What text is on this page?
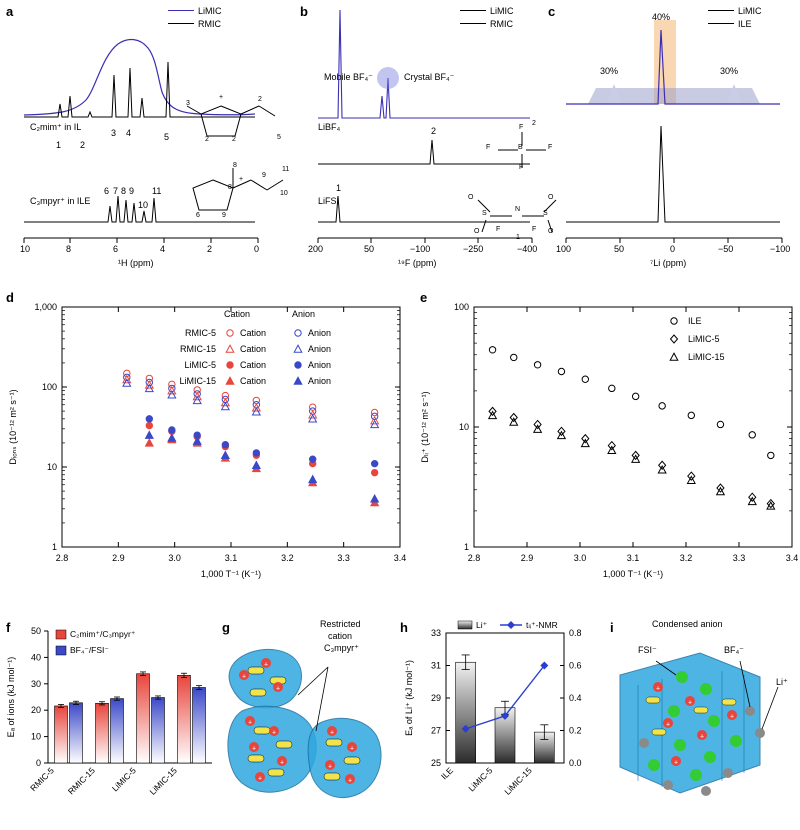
a	b	c
d	e
f	g	h	i
10	8	6	4	2	0
¹H (ppm)
C₂mim⁺ in IL
C₃mpyr⁺ in ILE
1 2
3 4	5
6 7 8 9
10
11
LiMIC
RMIC
+
3
2
2	2	5
8
+
8
9
10
11
6	9
200	50	−100	−250	−400
¹⁹F (ppm)
Mobile BF₄⁻	Crystal BF₄⁻
LiBF₄
LiFSI
2
1
LiMIC
RMIC
F	B	F
F
F
2
O	O
S
N
S
O	O
F	F
1
100	50	0	−50	−100
⁷Li (ppm)
40%
30%	30%
LiMIC
ILE
2.8	2.9	3.0	3.1	3.2	3.3	3.4
1
10
100
1,000
1,000 T⁻¹ (K⁻¹)
Dᵢₒₙₛ (10⁻¹² m² s⁻¹)
Cation	Anion
RMIC-5	Cation	Anion
RMIC-15	Cation	Anion
LiMIC-5	Cation	Anion
LiMIC-15	Cation	Anion
2.8	2.9	3.0	3.1	3.2	3.3	3.4
1
10
100
1,000 T⁻¹ (K⁻¹)
Dₗᵢ⁺ (10⁻¹² m² s⁻¹)
ILE
LiMIC-5
LiMIC-15
0
10
20
30
40
50
RMIC-5 RMIC-15 LiMIC-5 LiMIC-15
Eₐ of ions (kJ mol⁻¹)
C₂mim⁺/C₃mpyr⁺
BF₄⁻/FSI⁻
+
+
+
+
+
+
+
+
+
+
+
+
Restricted
cation
C₃mpyr⁺
25
27
29
31
33
0.0
0.2
0.4
0.6
0.8
ILE LiMIC-5 LiMIC-15
Eₐ of Li⁺ (kJ mol⁻¹)
Li⁺	tₗᵢ⁺-NMR
+
+
+
+
+
+
Condensed anion
FSI⁻	BF₄⁻
Li⁺
